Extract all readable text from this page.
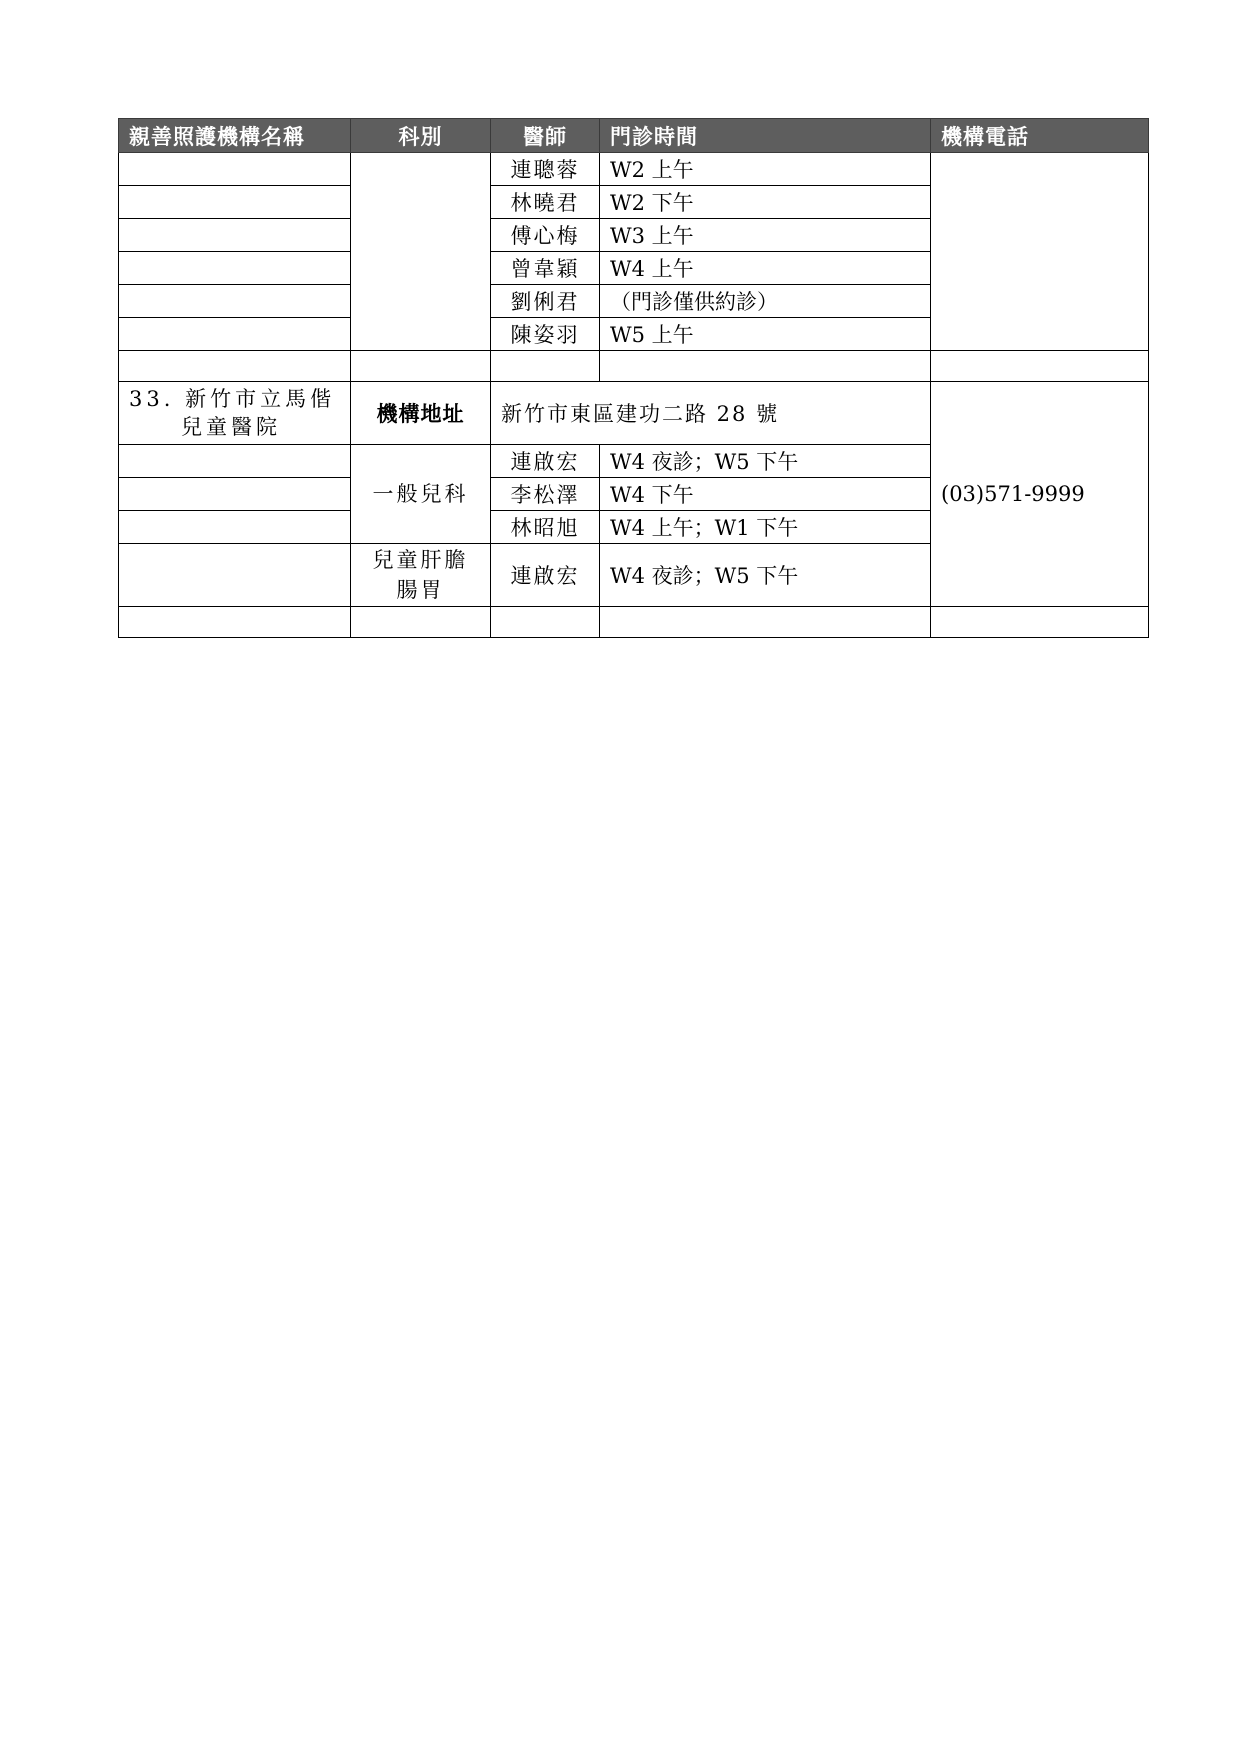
親善照護機構名稱	科別	醫師	門診時間	機構電話
		連聰蓉	W2 上午	
		林曉君	W2 下午	
		傅心梅	W3 上午	
		曾韋穎	W4 上午	
		劉俐君	（門診僅供約診）	
		陳姿羽	W5 上午	

33. 新竹市立馬偕
兒童醫院	機構地址	新竹市東區建功二路 28 號		(03)571-9999
	一般兒科	連啟宏	W4 夜診；W5 下午	
		李松澤	W4 下午	
		林昭旭	W4 上午；W1 下午	
	兒童肝膽
腸胃	連啟宏	W4 夜診；W5 下午	
